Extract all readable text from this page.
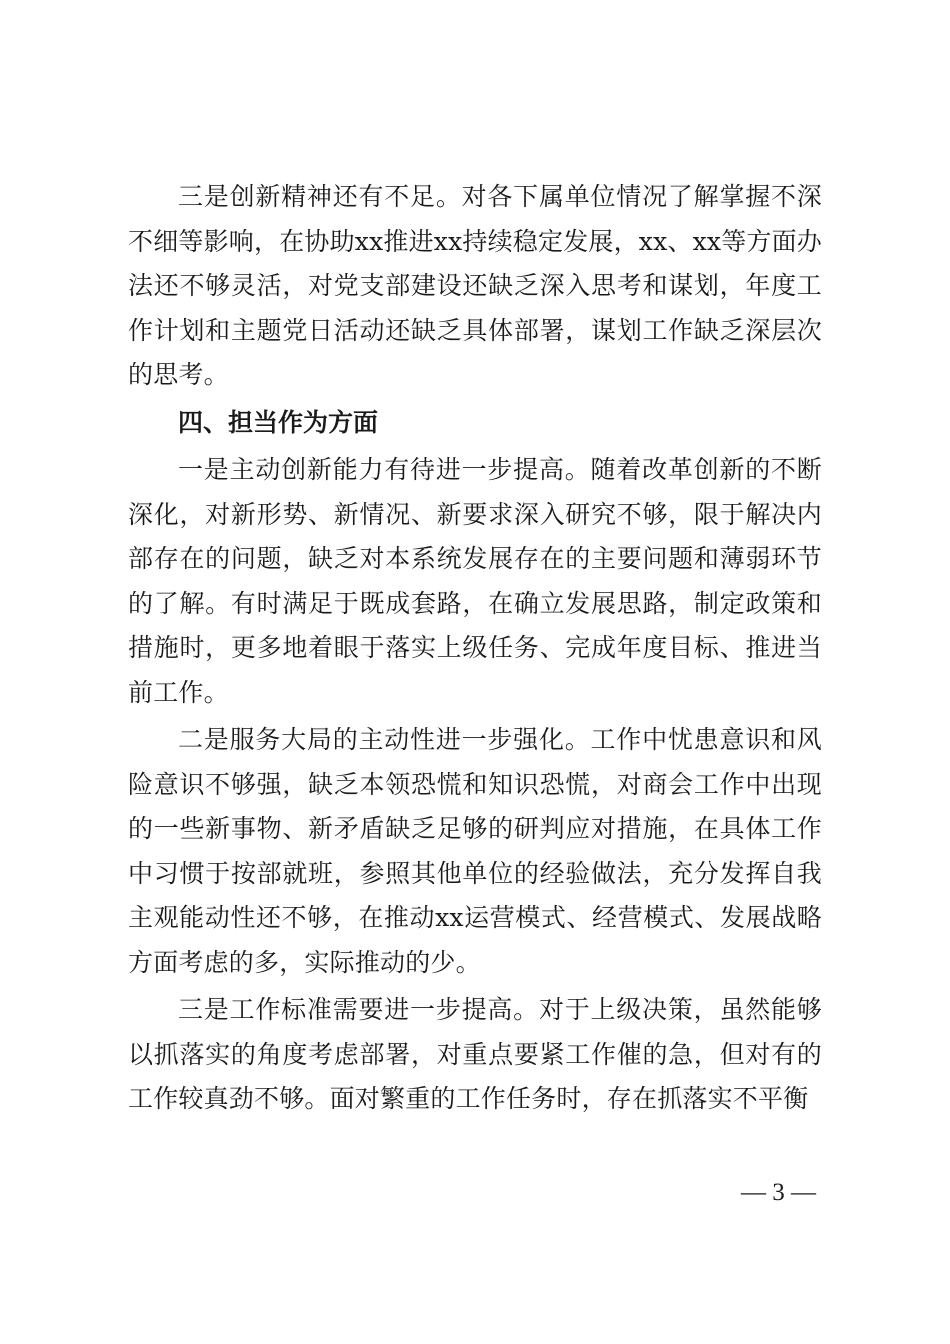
三是创新精神还有不足。对各下属单位情况了解掌握不深不细等影响，在协助xx推进xx持续稳定发展，xx、xx等方面办法还不够灵活，对党支部建设还缺乏深入思考和谋划，年度工作计划和主题党日活动还缺乏具体部署，谋划工作缺乏深层次的思考。

四、担当作为方面

一是主动创新能力有待进一步提高。随着改革创新的不断深化，对新形势、新情况、新要求深入研究不够，限于解决内部存在的问题，缺乏对本系统发展存在的主要问题和薄弱环节的了解。有时满足于既成套路，在确立发展思路，制定政策和措施时，更多地着眼于落实上级任务、完成年度目标、推进当前工作。

二是服务大局的主动性进一步强化。工作中忧患意识和风险意识不够强，缺乏本领恐慌和知识恐慌，对商会工作中出现的一些新事物、新矛盾缺乏足够的研判应对措施，在具体工作中习惯于按部就班，参照其他单位的经验做法，充分发挥自我主观能动性还不够，在推动xx运营模式、经营模式、发展战略方面考虑的多，实际推动的少。

三是工作标准需要进一步提高。对于上级决策，虽然能够以抓落实的角度考虑部署，对重点要紧工作催的急，但对有的工作较真劲不够。面对繁重的工作任务时，存在抓落实不平衡

— 3 —
